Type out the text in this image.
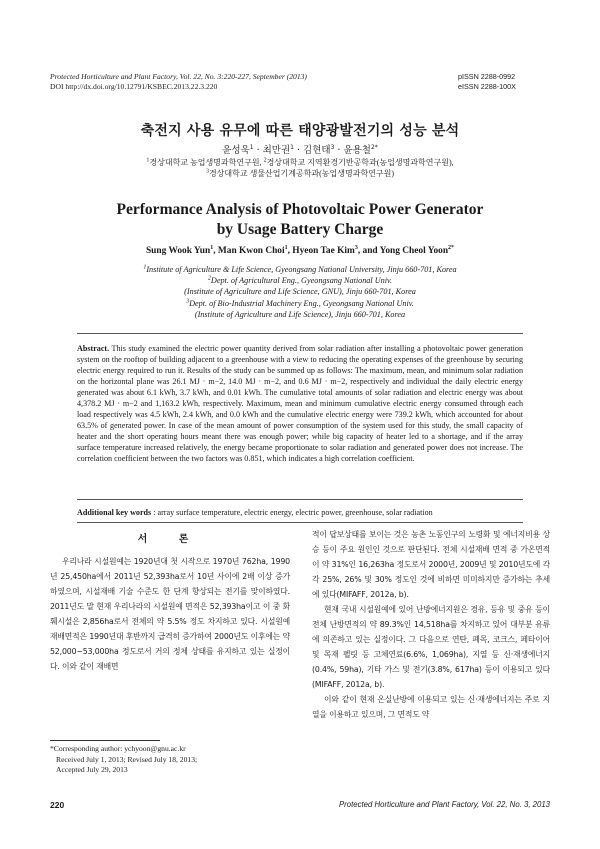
Protected Horticulture and Plant Factory, Vol. 22, No. 3:220-227, September (2013)
DOI http://dx.doi.org/10.12791/KSBEC.2013.22.3.220
pISSN 2288-0992
eISSN 2288-100X
축전지 사용 유무에 따른 태양광발전기의 성능 분석
윤성욱$^1$ · 최만권$^1$ · 김현태$^3$ · 윤용철$^{2*}$
$^1$경상대학교 농업생명과학연구원, $^2$경상대학교 지역환경기반공학과(농업생명과학연구원),
$^3$경상대학교 생물산업기계공학과(농업생명과학연구원)
Performance Analysis of Photovoltaic Power Generator
by Usage Battery Charge
Sung Wook Yun$^1$, Man Kwon Choi$^1$, Hyeon Tae Kim$^3$, and Yong Cheol Yoon$^{2*}$
$^1$Institute of Agriculture & Life Science, Gyeongsang National University, Jinju 660-701, Korea
$^2$Dept. of Agricultural Eng., Gyeongsang National Univ.
(Institute of Agriculture and Life Science, GNU), Jinju 660-701, Korea
$^3$Dept. of Bio-Industrial Machinery Eng., Gyeongsang National Univ.
(Institute of Agriculture and Life Science), Jinju 660-701, Korea
Abstract. This study examined the electric power quantity derived from solar radiation after installing a photovoltaic power generation system on the rooftop of building adjacent to a greenhouse with a view to reducing the operating expenses of the greenhouse by securing electric energy required to run it. Results of the study can be summed up as follows: The maximum, mean, and minimum solar radiation on the horizontal plane was 26.1 MJ · m−2, 14.0 MJ · m−2, and 0.6 MJ · m−2, respectively and individual the daily electric energy generated was about 6.1 kWh, 3.7 kWh, and 0.01 kWh. The cumulative total amounts of solar radiation and electric energy was about 4,378.2 MJ · m−2 and 1,163.2 kWh, respectively. Maximum, mean and minimum cumulative electric energy consumed through each load respectively was 4.5 kWh, 2.4 kWh, and 0.0 kWh and the cumulative electric energy were 739.2 kWh, which accounted for about 63.5% of generated power. In case of the mean amount of power consumption of the system used for this study, the small capacity of heater and the short operating hours meant there was enough power; while big capacity of heater led to a shortage, and if the array surface temperature increased relatively, the energy became proportionate to solar radiation and generated power does not increase. The correlation coefficient between the two factors was 0.851, which indicates a high correlation coefficient.
Additional key words : array surface temperature, electric energy, electric power, greenhouse, solar radiation
서 론

우리나라 시설원예는 1920년대 첫 시작으로 1970년 762ha, 1990년 25,450ha에서 2011년 52,393ha로서 10년 사이에 2배 이상 증가하였으며, 시설재배 기술 수준도 한 단계 향상되는 전기를 맞이하였다. 2011년도 말 현재 우리나라의 시설원예 면적은 52,393ha이고 이 중 화훼시설은 2,856ha로서 전체의 약 5.5% 정도 차지하고 있다. 시설원예 재배면적은 1990년대 후반까지 급격히 증가하여 2000년도 이후에는 약 52,000~53,000ha 정도로서 거의 정체 상태를 유지하고 있는 실정이다. 이와 같이 재배면

적이 답보상태를 보이는 것은 농촌 노동인구의 노령화 및 에너지비용 상승 등이 주요 원인인 것으로 판단된다. 전체 시설재배 면적 중 가온면적이 약 31%인 16,263ha 정도로서 2000년, 2009년 및 2010년도에 각각 25%, 26% 및 30% 정도인 것에 비하면 미미하지만 증가하는 추세에 있다(MIFAFF, 2012a, b).

현재 국내 시설원예에 있어 난방에너지원은 경유, 등유 및 중유 등이 전체 난방면적의 약 89.3%인 14,518ha를 차지하고 있어 대부분 유류에 의존하고 있는 실정이다. 그 다음으로 연탄, 폐목, 코크스, 페타이어 및 목재 펠릿 등 고체연료(6.6%, 1,069ha), 지열 등 신·재생에너지(0.4%, 59ha), 기타 가스 및 전기(3.8%, 617ha) 등이 이용되고 있다(MIFAFF, 2012a, b).

이와 같이 현재 온실난방에 이용되고 있는 신·재생에너지는 주로 지열을 이용하고 있으며, 그 면적도 약

*Corresponding author: ychyoon@gnu.ac.kr
Received July 1, 2013; Revised July 18, 2013;
Accepted July 29, 2013
220	Protected Horticulture and Plant Factory, Vol. 22, No. 3, 2013
